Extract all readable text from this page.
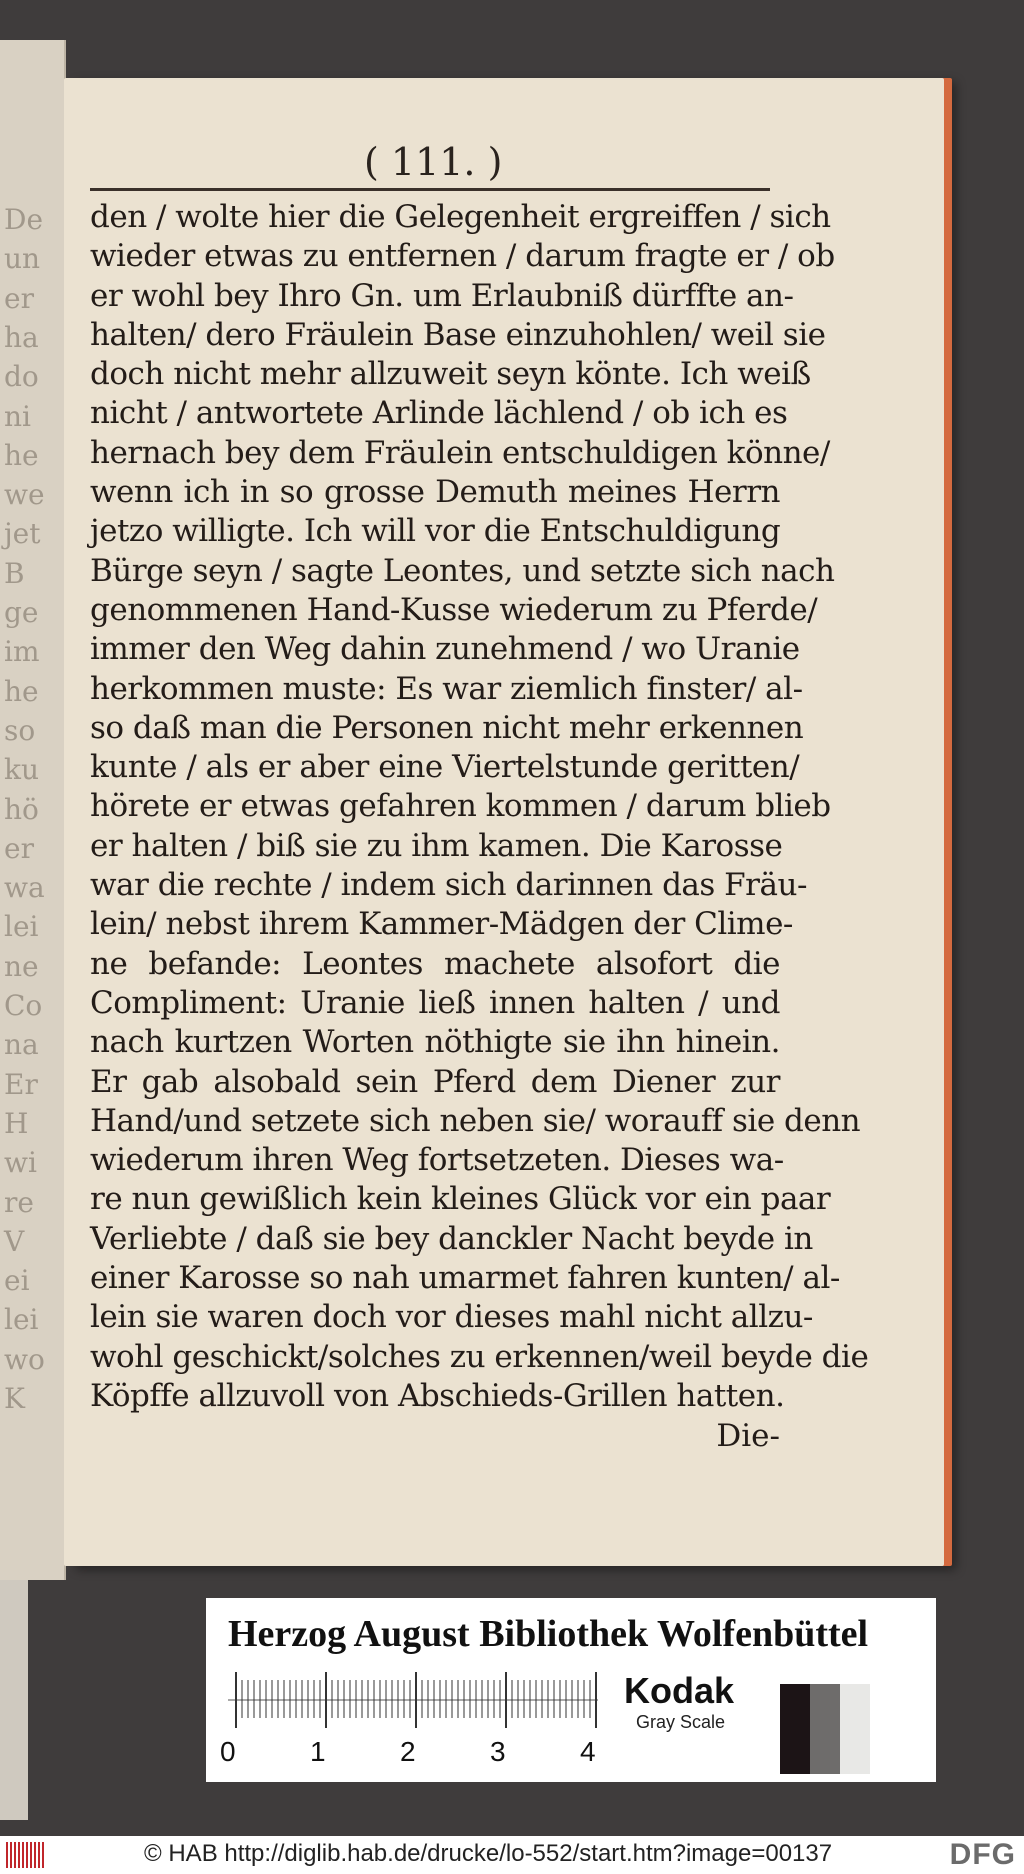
De
un
er
ha
do
ni
he
we
jet
B
ge
im
he
so
ku
hö
er
wa
lei
ne
Co
na
Er
H
wi
re
V
ei
lei
wo
K
( 111. )
den / wolte hier die Gelegenheit ergreiffen / sich
wieder etwas zu entfernen / darum fragte er / ob
er wohl bey Ihro Gn. um Erlaubniß dürffte an-
halten/ dero Fräulein Base einzuhohlen/ weil sie
doch nicht mehr allzuweit seyn könte. Ich weiß
nicht / antwortete Arlinde lächlend / ob ich es
hernach bey dem Fräulein entschuldigen könne/
wenn ich in so grosse Demuth meines Herrn
jetzo willigte. Ich will vor die Entschuldigung
Bürge seyn / sagte Leontes, und setzte sich nach
genommenen Hand-Kusse wiederum zu Pferde/
immer den Weg dahin zunehmend / wo Uranie
herkommen muste: Es war ziemlich finster/ al-
so daß man die Personen nicht mehr erkennen
kunte / als er aber eine Viertelstunde geritten/
hörete er etwas gefahren kommen / darum blieb
er halten / biß sie zu ihm kamen. Die Karosse
war die rechte / indem sich darinnen das Fräu-
lein/ nebst ihrem Kammer-Mädgen der Clime-
ne befande: Leontes machete alsofort die
Compliment: Uranie ließ innen halten / und
nach kurtzen Worten nöthigte sie ihn hinein.
Er gab alsobald sein Pferd dem Diener zur
Hand/und setzete sich neben sie/ worauff sie denn
wiederum ihren Weg fortsetzeten. Dieses wa-
re nun gewißlich kein kleines Glück vor ein paar
Verliebte / daß sie bey danckler Nacht beyde in
einer Karosse so nah umarmet fahren kunten/ al-
lein sie waren doch vor dieses mahl nicht allzu-
wohl geschickt/solches zu erkennen/weil beyde die
Köpffe allzuvoll von Abschieds-Grillen hatten.
Die-
Herzog August Bibliothek Wolfenbüttel
0	1	2	3	4
Kodak
Gray Scale
© HAB http://diglib.hab.de/drucke/lo-552/start.htm?image=00137	DFG
